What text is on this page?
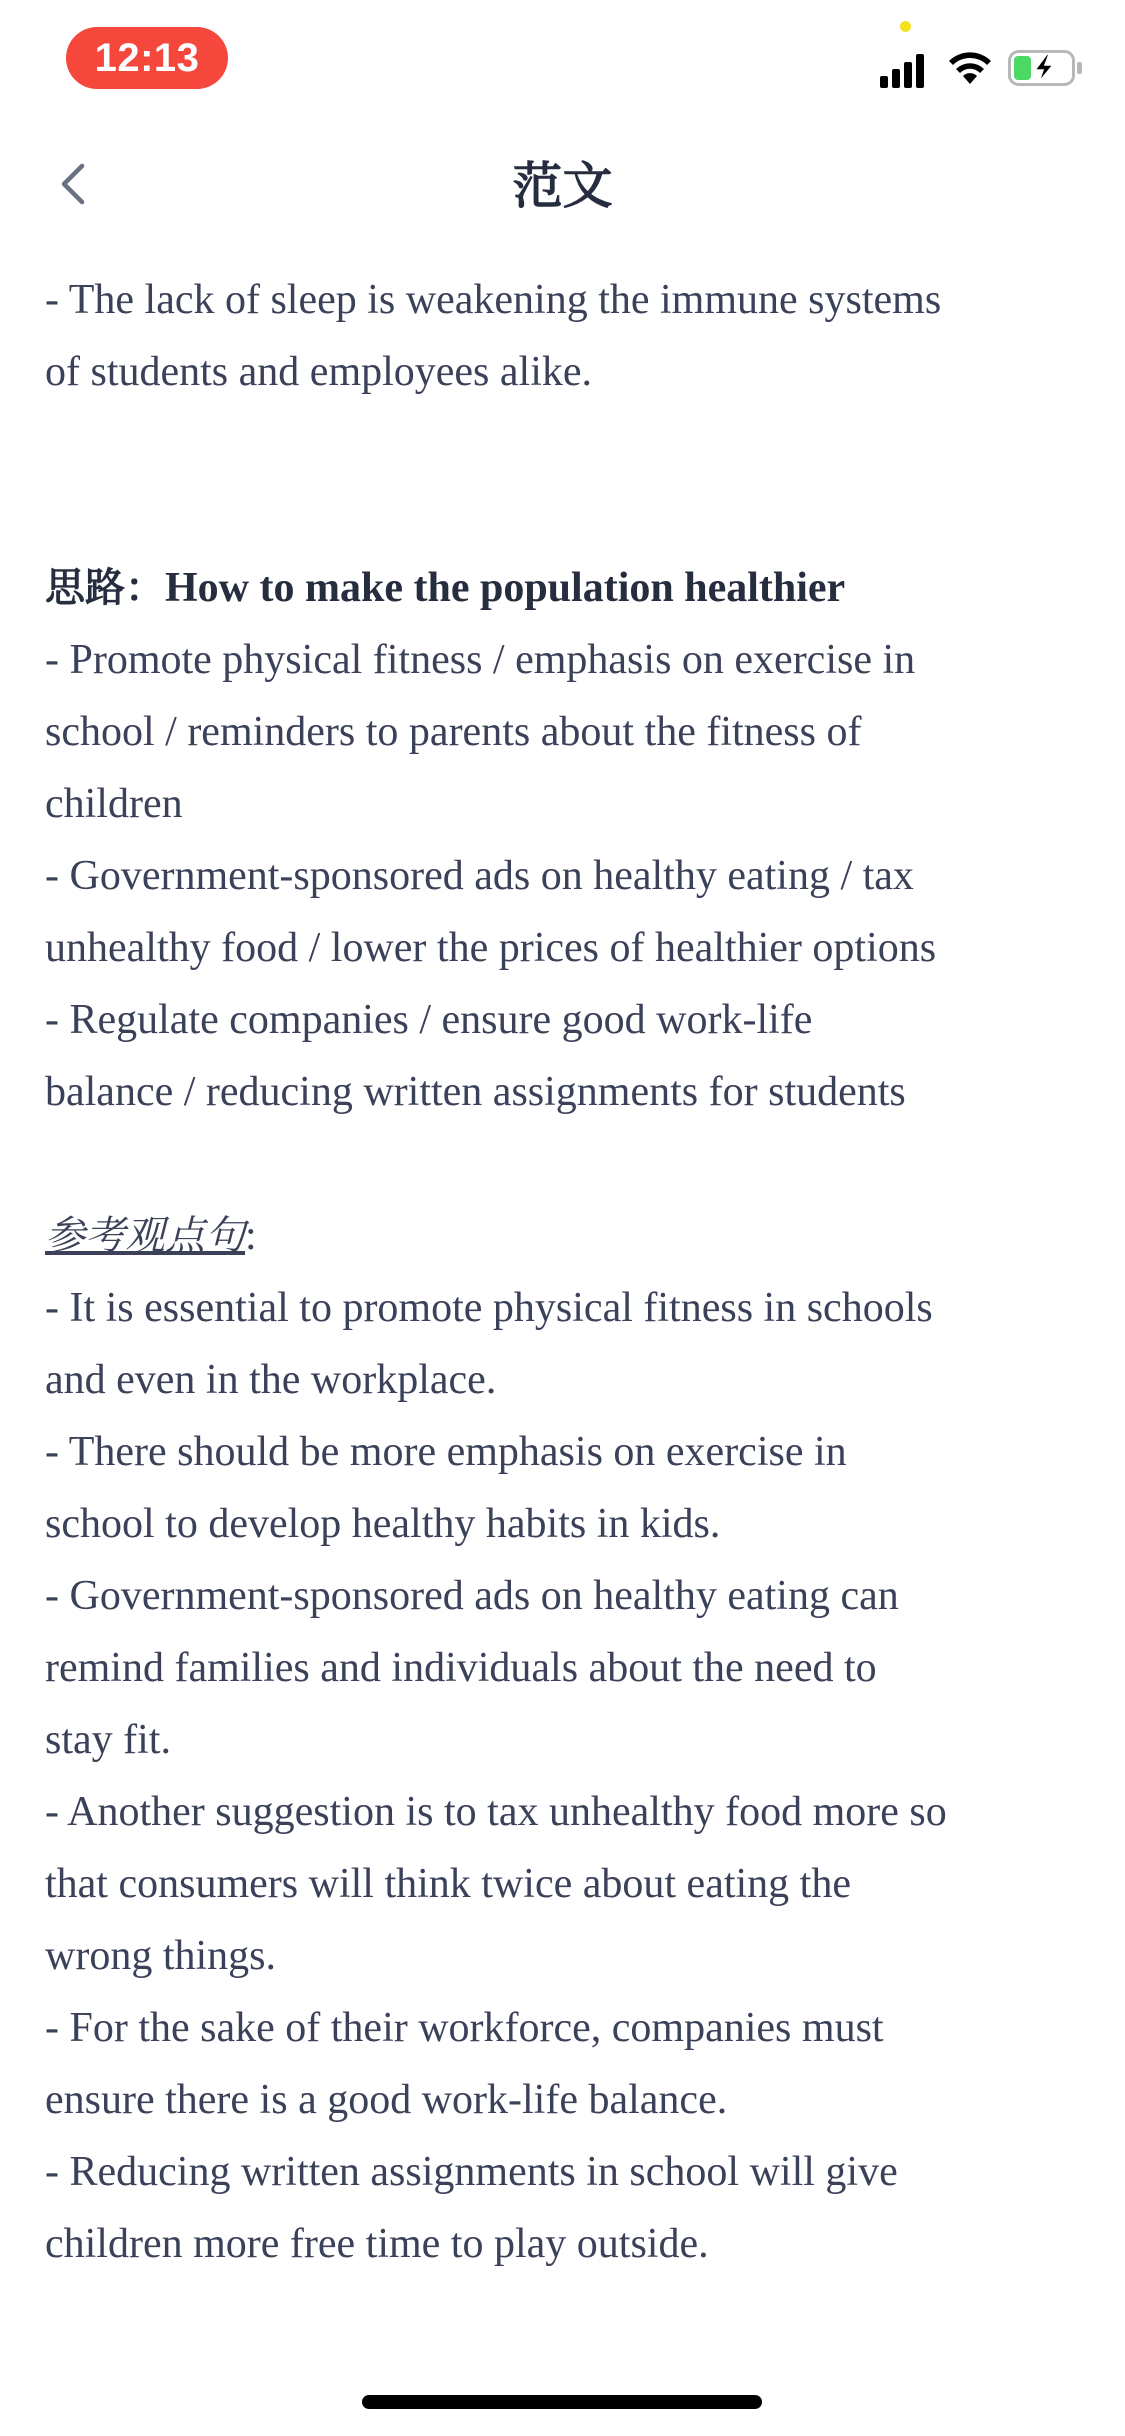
12:13
范文

- The lack of sleep is weakening the immune systems

of students and employees alike.

思路：How to make the population healthier

- Promote physical fitness / emphasis on exercise in

school / reminders to parents about the fitness of

children

- Government-sponsored ads on healthy eating / tax

unhealthy food / lower the prices of healthier options

- Regulate companies / ensure good work-life

balance / reducing written assignments for students

参考观点句:

- It is essential to promote physical fitness in schools

and even in the workplace.

- There should be more emphasis on exercise in

school to develop healthy habits in kids.

- Government-sponsored ads on healthy eating can

remind families and individuals about the need to

stay fit.

- Another suggestion is to tax unhealthy food more so

that consumers will think twice about eating the

wrong things.

- For the sake of their workforce, companies must

ensure there is a good work-life balance.

- Reducing written assignments in school will give

children more free time to play outside.
